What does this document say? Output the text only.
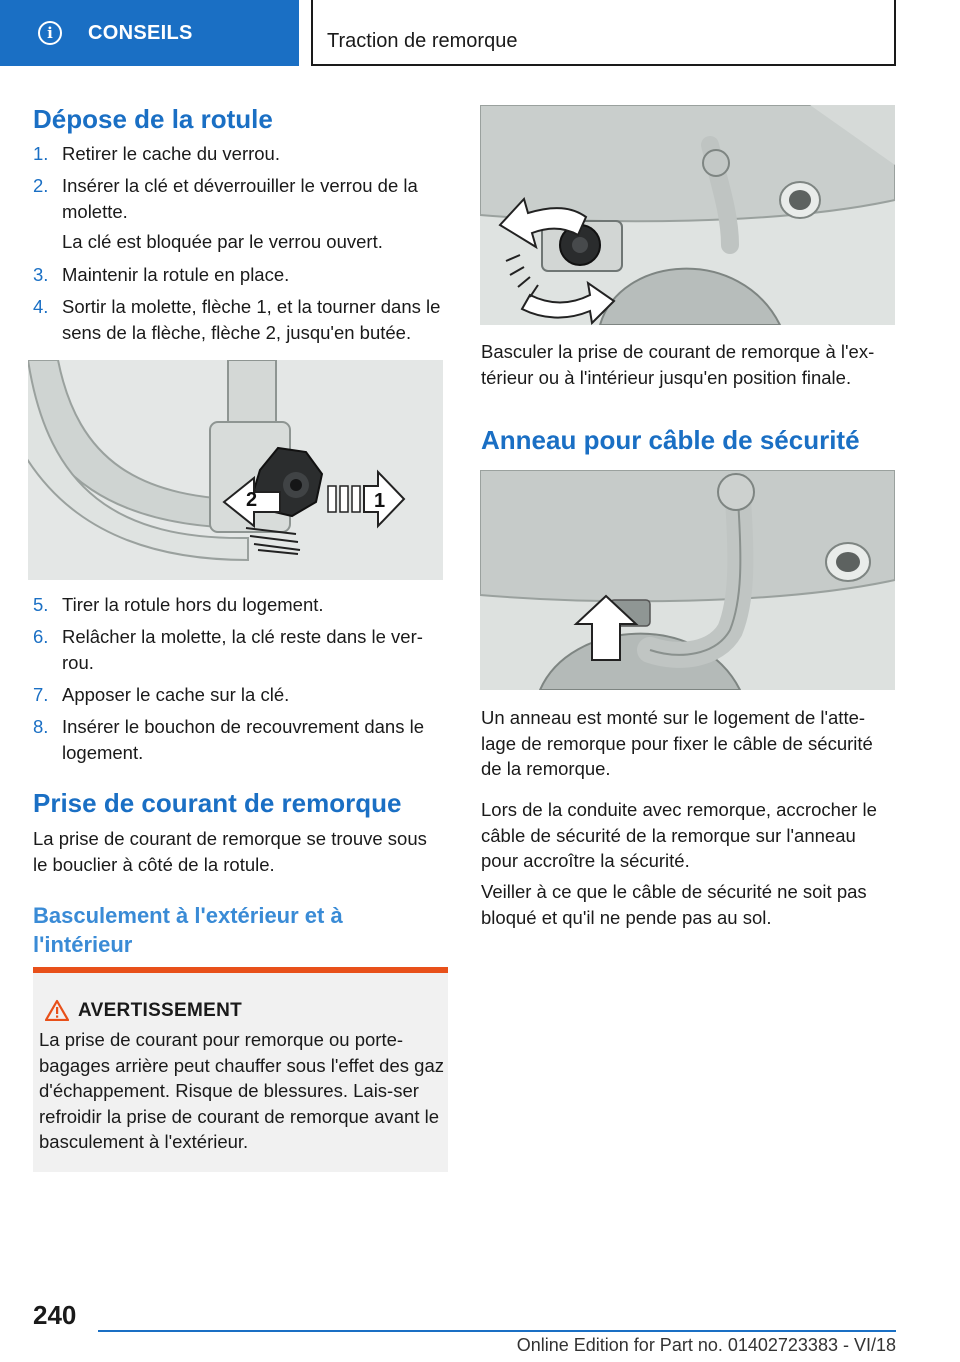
i	CONSEILS	Traction de remorque
Dépose de la rotule
1. Retirer le cache du verrou.
2. Insérer la clé et déverrouiller le verrou de la molette.
La clé est bloquée par le verrou ouvert.
3. Maintenir la rotule en place.
4. Sortir la molette, flèche 1, et la tourner dans le sens de la flèche, flèche 2, jusqu'en butée.
1
2
5. Tirer la rotule hors du logement.
6. Relâcher la molette, la clé reste dans le ver-rou.
7. Apposer le cache sur la clé.
8. Insérer le bouchon de recouvrement dans le logement.
Prise de courant de remorque
La prise de courant de remorque se trouve sous le bouclier à côté de la rotule.
Basculement à l'extérieur et à l'intérieur
AVERTISSEMENT
La prise de courant pour remorque ou porte-bagages arrière peut chauffer sous l'effet des gaz d'échappement. Risque de blessures. Lais-ser refroidir la prise de courant de remorque avant le basculement à l'extérieur.
Basculer la prise de courant de remorque à l'ex-térieur ou à l'intérieur jusqu'en position finale.
Anneau pour câble de sécurité
Un anneau est monté sur le logement de l'atte-lage de remorque pour fixer le câble de sécurité de la remorque.
Lors de la conduite avec remorque, accrocher le câble de sécurité de la remorque sur l'anneau pour accroître la sécurité.
Veiller à ce que le câble de sécurité ne soit pas bloqué et qu'il ne pende pas au sol.
240
Online Edition for Part no. 01402723383 - VI/18
